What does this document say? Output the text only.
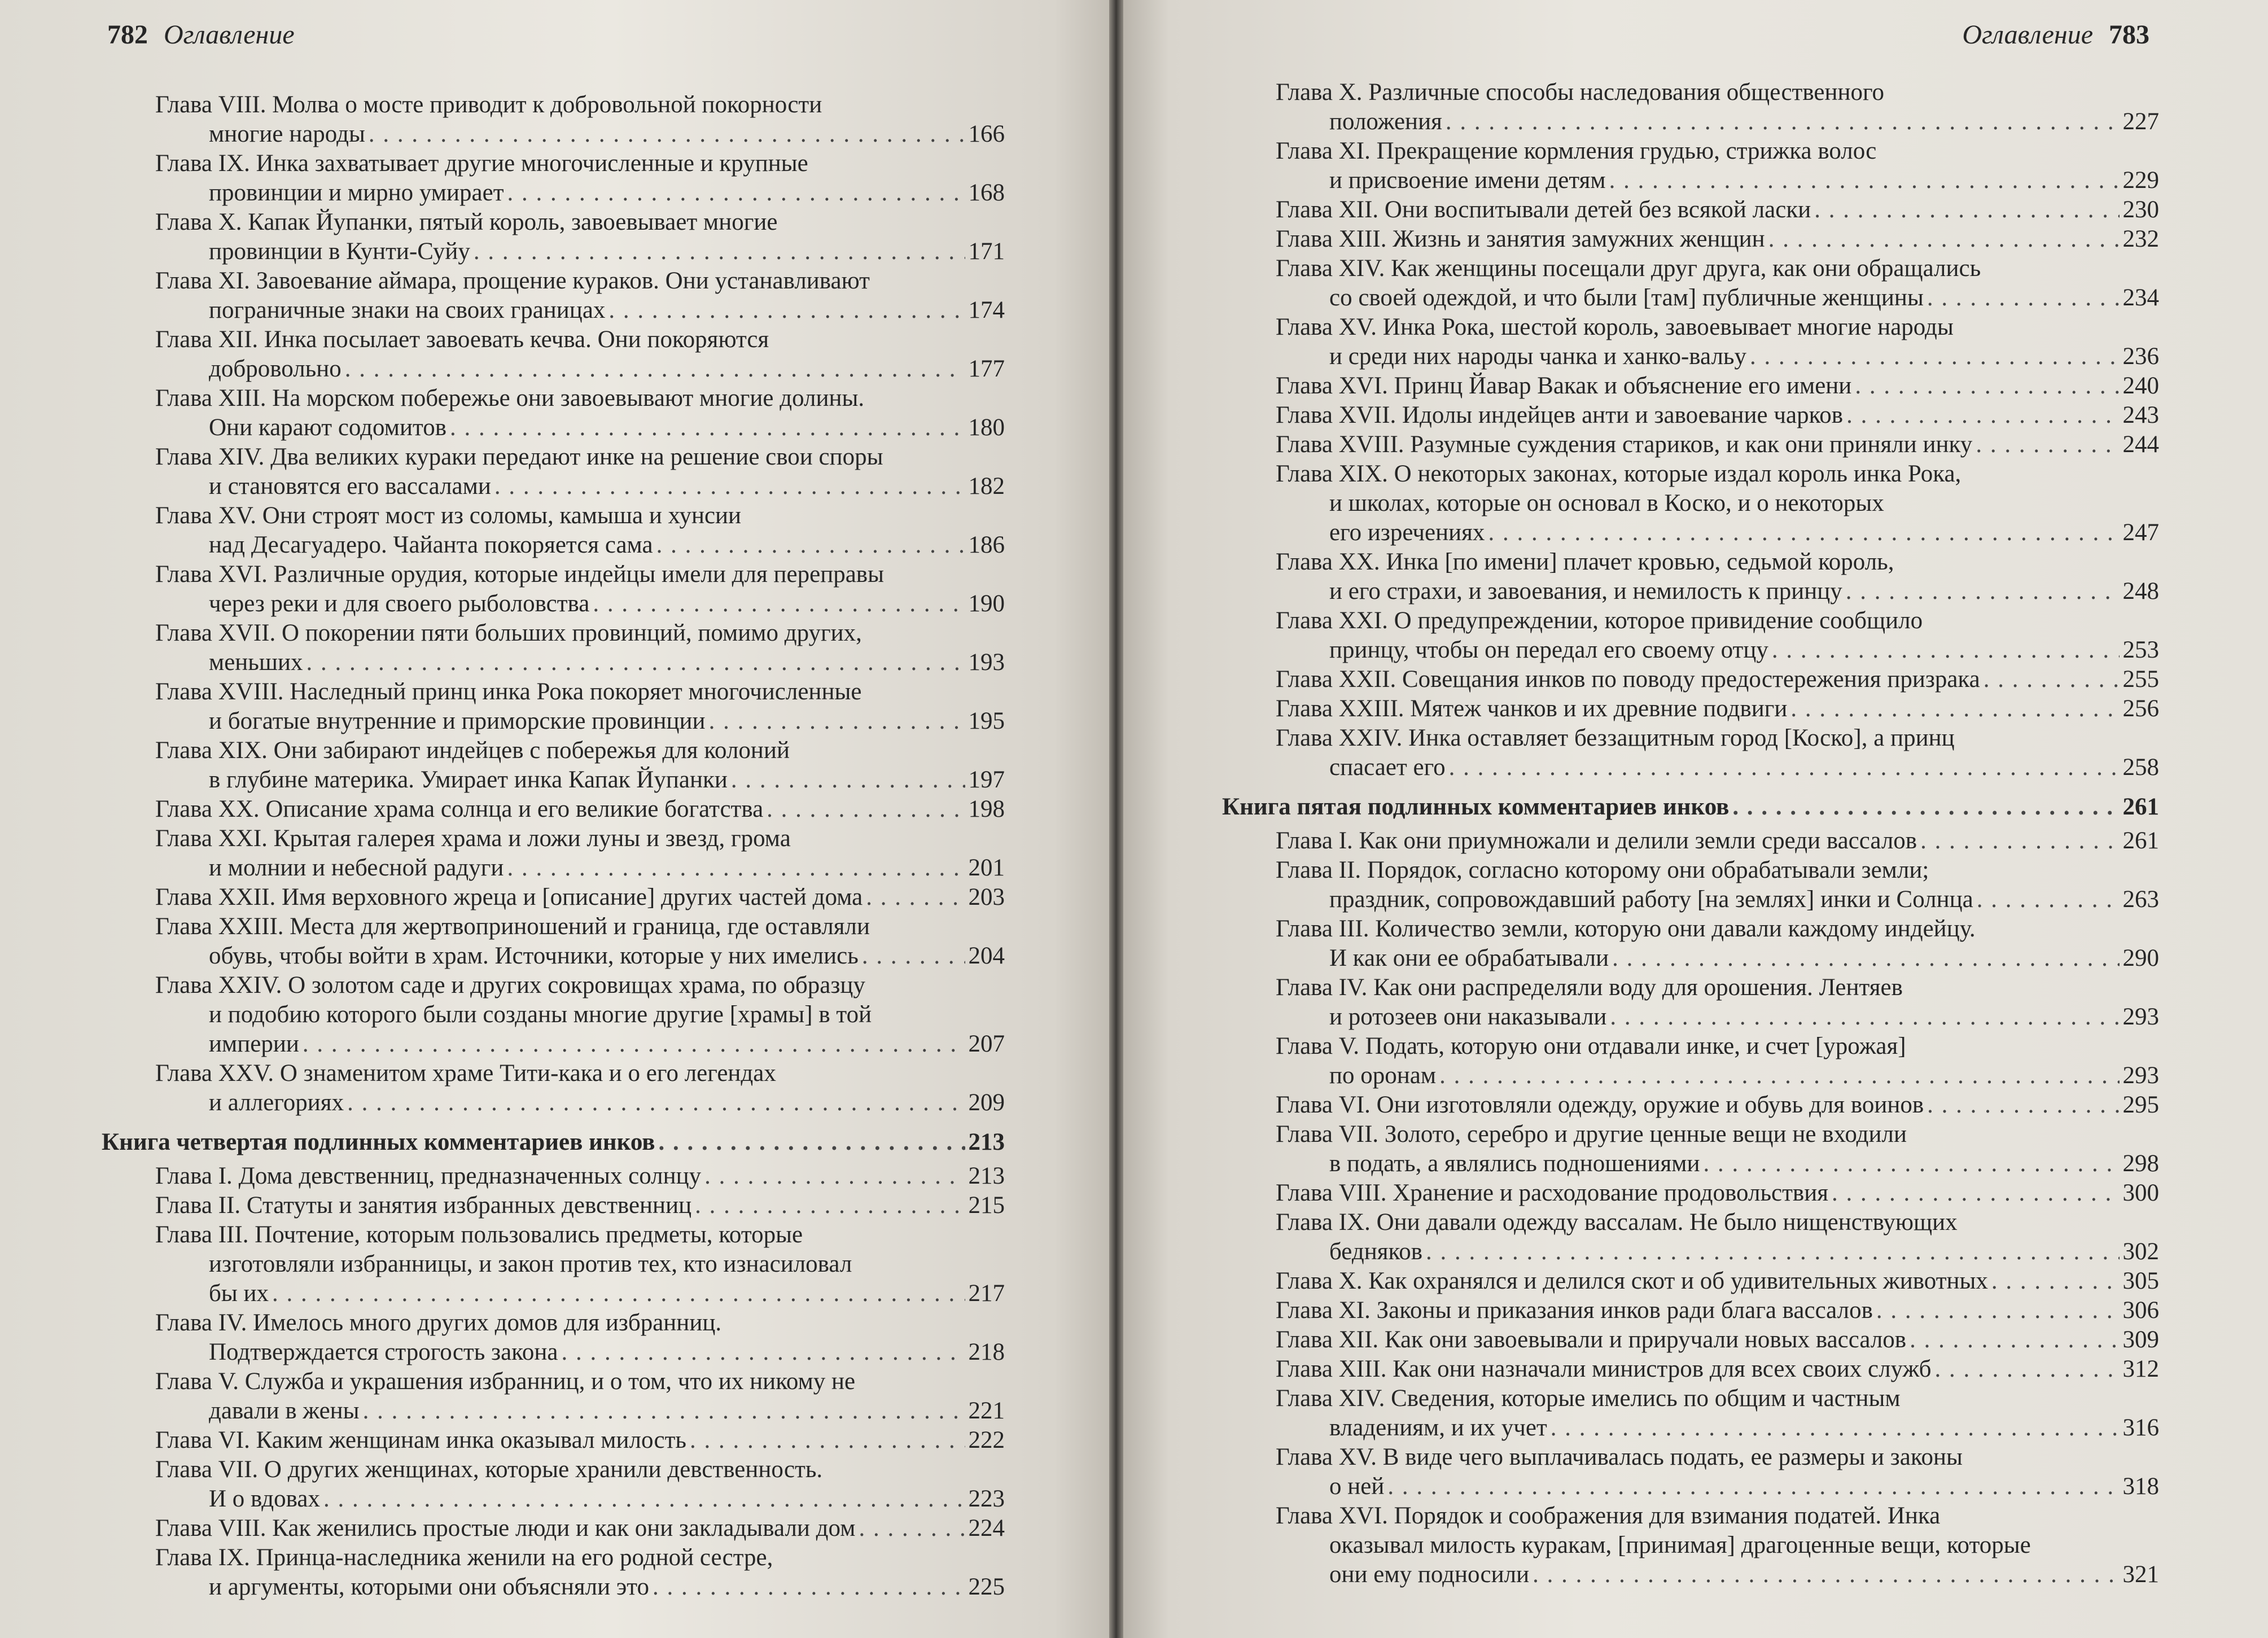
782 Оглавление
Глава VIII. Молва о мосте приводит к добровольной покорности
многие народы . . .	166
Глава IX. Инка захватывает другие многочисленные и крупные
провинции и мирно умирает . . .	168
Глава X. Капак Йупанки, пятый король, завоевывает многие
провинции в Кунти-Суйу . . .	171
Глава XI. Завоевание аймара, прощение кураков. Они устанавливают
пограничные знаки на своих границах . . .	174
Глава XII. Инка посылает завоевать кечва. Они покоряются
добровольно . . .	177
Глава XIII. На морском побережье они завоевывают многие долины.
Они карают содомитов . . .	180
Глава XIV. Два великих кураки передают инке на решение свои споры
и становятся его вассалами . . .	182
Глава XV. Они строят мост из соломы, камыша и хунсии
над Десагуадеро. Чайанта покоряется сама . . .	186
Глава XVI. Различные орудия, которые индейцы имели для переправы
через реки и для своего рыболовства . . .	190
Глава XVII. О покорении пяти больших провинций, помимо других,
меньших . . .	193
Глава XVIII. Наследный принц инка Рока покоряет многочисленные
и богатые внутренние и приморские провинции . . .	195
Глава XIX. Они забирают индейцев с побережья для колоний
в глубине материка. Умирает инка Капак Йупанки . . .	197
Глава XX. Описание храма солнца и его великие богатства . . .	198
Глава XXI. Крытая галерея храма и ложи луны и звезд, грома
и молнии и небесной радуги . . .	201
Глава XXII. Имя верховного жреца и [описание] других частей дома . . .	203
Глава XXIII. Места для жертвоприношений и граница, где оставляли
обувь, чтобы войти в храм. Источники, которые у них имелись . . .	204
Глава XXIV. О золотом саде и других сокровищах храма, по образцу
и подобию которого были созданы многие другие [храмы] в той
империи . . .	207
Глава XXV. О знаменитом храме Тити-кака и о его легендах
и аллегориях . . .	209
Книга четвертая подлинных комментариев инков . . .	213
Глава I. Дома девственниц, предназначенных солнцу . . .	213
Глава II. Статуты и занятия избранных девственниц . . .	215
Глава III. Почтение, которым пользовались предметы, которые
изготовляли избранницы, и закон против тех, кто изнасиловал
бы их . . .	217
Глава IV. Имелось много других домов для избранниц.
Подтверждается строгость закона . . .	218
Глава V. Служба и украшения избранниц, и о том, что их никому не
давали в жены . . .	221
Глава VI. Каким женщинам инка оказывал милость . . .	222
Глава VII. О других женщинах, которые хранили девственность.
И о вдовах . . .	223
Глава VIII. Как женились простые люди и как они закладывали дом . . .	224
Глава IX. Принца-наследника женили на его родной сестре,
и аргументы, которыми они объясняли это . . .	225
Оглавление 783
Глава X. Различные способы наследования общественного
положения . . .	227
Глава XI. Прекращение кормления грудью, стрижка волос
и присвоение имени детям . . .	229
Глава XII. Они воспитывали детей без всякой ласки . . .	230
Глава XIII. Жизнь и занятия замужних женщин . . .	232
Глава XIV. Как женщины посещали друг друга, как они обращались
со своей одеждой, и что были [там] публичные женщины . . .	234
Глава XV. Инка Рока, шестой король, завоевывает многие народы
и среди них народы чанка и ханко-вальу . . .	236
Глава XVI. Принц Йавар Вакак и объяснение его имени . . .	240
Глава XVII. Идолы индейцев анти и завоевание чарков . . .	243
Глава XVIII. Разумные суждения стариков, и как они приняли инку . . .	244
Глава XIX. О некоторых законах, которые издал король инка Рока,
и школах, которые он основал в Коско, и о некоторых
его изречениях . . .	247
Глава XX. Инка [по имени] плачет кровью, седьмой король,
и его страхи, и завоевания, и немилость к принцу . . .	248
Глава XXI. О предупреждении, которое привидение сообщило
принцу, чтобы он передал его своему отцу . . .	253
Глава XXII. Совещания инков по поводу предостережения призрака . . .	255
Глава XXIII. Мятеж чанков и их древние подвиги . . .	256
Глава XXIV. Инка оставляет беззащитным город [Коско], а принц
спасает его . . .	258
Книга пятая подлинных комментариев инков . . .	261
Глава I. Как они приумножали и делили земли среди вассалов . . .	261
Глава II. Порядок, согласно которому они обрабатывали земли;
праздник, сопровождавший работу [на землях] инки и Солнца . . .	263
Глава III. Количество земли, которую они давали каждому индейцу.
И как они ее обрабатывали . . .	290
Глава IV. Как они распределяли воду для орошения. Лентяев
и ротозеев они наказывали . . .	293
Глава V. Подать, которую они отдавали инке, и счет [урожая]
по оронам . . .	293
Глава VI. Они изготовляли одежду, оружие и обувь для воинов . . .	295
Глава VII. Золото, серебро и другие ценные вещи не входили
в подать, а являлись подношениями . . .	298
Глава VIII. Хранение и расходование продовольствия . . .	300
Глава IX. Они давали одежду вассалам. Не было нищенствующих
бедняков . . .	302
Глава X. Как охранялся и делился скот и об удивительных животных . . .	305
Глава XI. Законы и приказания инков ради блага вассалов . . .	306
Глава XII. Как они завоевывали и приручали новых вассалов . . .	309
Глава XIII. Как они назначали министров для всех своих служб . . .	312
Глава XIV. Сведения, которые имелись по общим и частным
владениям, и их учет . . .	316
Глава XV. В виде чего выплачивалась подать, ее размеры и законы
о ней . . .	318
Глава XVI. Порядок и соображения для взимания податей. Инка
оказывал милость куракам, [принимая] драгоценные вещи, которые
они ему подносили . . .	321
